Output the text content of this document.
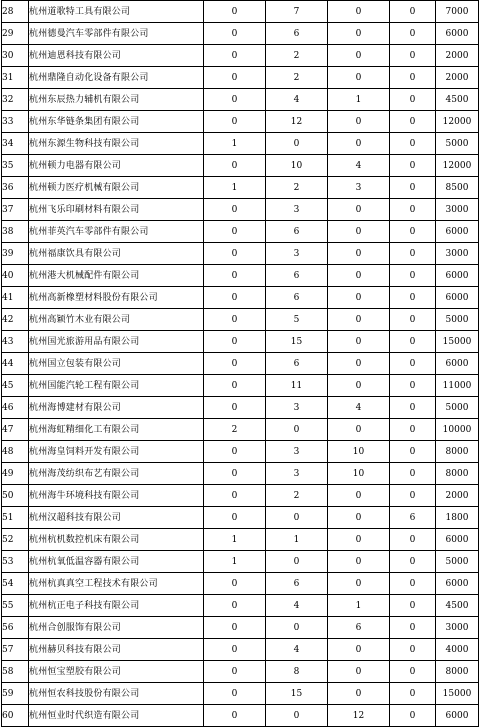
28	杭州道歌特工具有限公司	0	7	0	0	7000
29	杭州德曼汽车零部件有限公司	0	6	0	0	6000
30	杭州迪恩科技有限公司	0	2	0	0	2000
31	杭州鼎隆自动化设备有限公司	0	2	0	0	2000
32	杭州东辰热力辅机有限公司	0	4	1	0	4500
33	杭州东华链条集团有限公司	0	12	0	0	12000
34	杭州东源生物科技有限公司	1	0	0	0	5000
35	杭州顿力电器有限公司	0	10	4	0	12000
36	杭州顿力医疗机械有限公司	1	2	3	0	8500
37	杭州飞乐印刷材料有限公司	0	3	0	0	3000
38	杭州菲英汽车零部件有限公司	0	6	0	0	6000
39	杭州福康饮具有限公司	0	3	0	0	3000
40	杭州港大机械配件有限公司	0	6	0	0	6000
41	杭州高新橡塑材料股份有限公司	0	6	0	0	6000
42	杭州高颖竹木业有限公司	0	5	0	0	5000
43	杭州国光旅游用品有限公司	0	15	0	0	15000
44	杭州国立包装有限公司	0	6	0	0	6000
45	杭州国能汽轮工程有限公司	0	11	0	0	11000
46	杭州海博建材有限公司	0	3	4	0	5000
47	杭州海虹精细化工有限公司	2	0	0	0	10000
48	杭州海皇饲料开发有限公司	0	3	10	0	8000
49	杭州海茂纺织布艺有限公司	0	3	10	0	8000
50	杭州海牛环境科技有限公司	0	2	0	0	2000
51	杭州汉超科技有限公司	0	0	0	6	1800
52	杭州杭机数控机床有限公司	1	1	0	0	6000
53	杭州杭氧低温容器有限公司	1	0	0	0	5000
54	杭州杭真真空工程技术有限公司	0	6	0	0	6000
55	杭州杭正电子科技有限公司	0	4	1	0	4500
56	杭州合创服饰有限公司	0	0	6	0	3000
57	杭州赫贝科技有限公司	0	4	0	0	4000
58	杭州恒宝塑胶有限公司	0	8	0	0	8000
59	杭州恒农科技股份有限公司	0	15	0	0	15000
60	杭州恒业时代织造有限公司	0	0	12	0	6000
